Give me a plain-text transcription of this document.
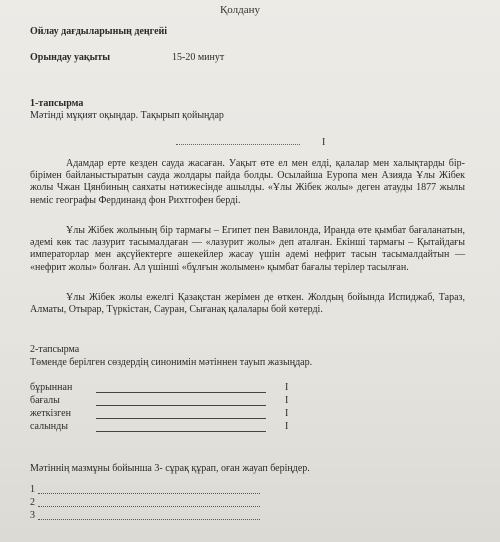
Қолдану
Ойлау дағдыларының деңгейі	

Орындау уақыты	15-20 минут
1-тапсырма
Мәтінді мұқият оқыңдар. Тақырып қойыңдар
I

Адамдар ерте кезден сауда жасаған. Уақыт өте ел мен елді, қалалар мен халықтарды бір-бірімен байланыстыратын сауда жолдары пайда болды. Осылайша Еуропа мен Азияда Ұлы Жібек жолы Чжан Цянбиның саяхаты нәтижесінде ашылды. «Ұлы Жібек жолы» деген атауды 1877 жылы неміс географы Фердинанд фон Рихтгофен берді.

Ұлы Жібек жолының бір тармағы – Египет пен Вавилонда, Иранда өте қымбат бағаланатын, әдемі көк тас лазурит тасымалдаған — «лазурит жолы» деп аталған. Екінші тармағы – Қытайдағы императорлар мен ақсүйектерге әшекейлер жасау үшін әдемі нефрит тасын тасымалдайтын — «нефрит жолы» болған. Ал үшінші «бұлғын жолымен» қымбат бағалы терілер тасылған.

Ұлы Жібек жолы ежелгі Қазақстан жерімен де өткен. Жолдың бойында Испиджаб, Тараз, Алматы, Отырар, Түркістан, Сауран, Сығанақ қалалары бой көтерді.

2-тапсырма
Төменде берілген сөздердің синонимін мәтіннен тауып жазыңдар.
бұрыннан	I
бағалы	I
жеткізген	I
салынды	I
Мәтіннің мазмұны бойынша 3- сұрақ құрап, оған жауап беріңдер.
1
2
3
